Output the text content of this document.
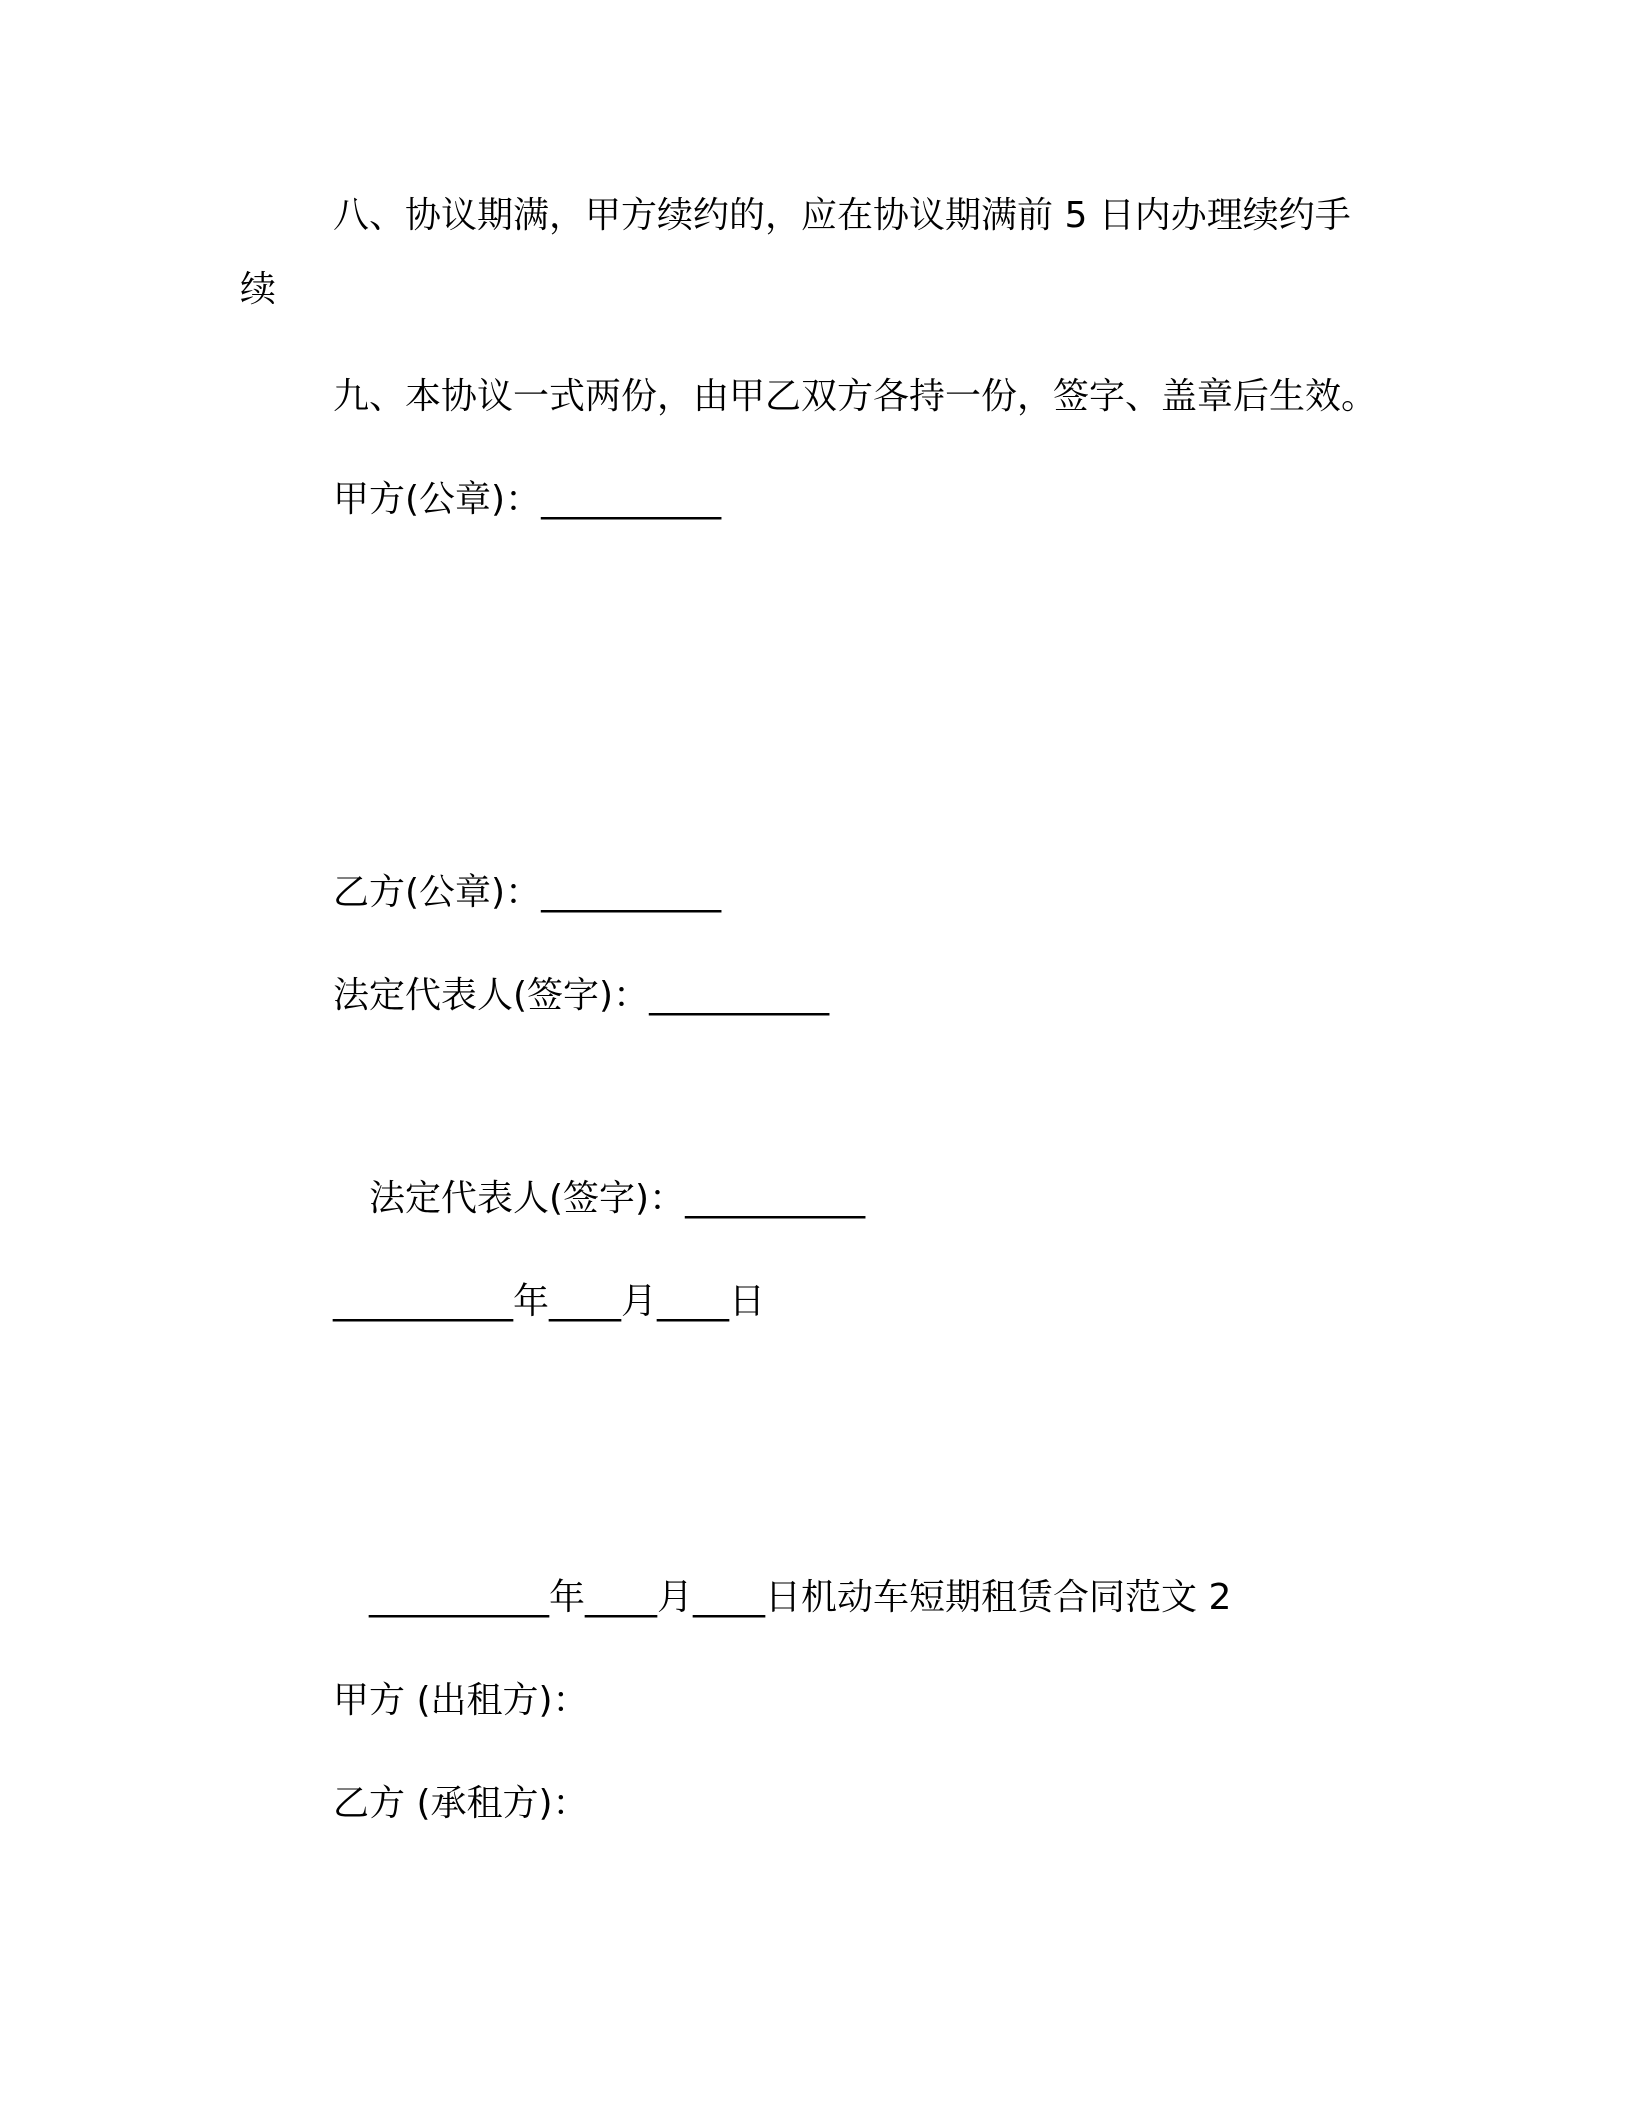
八、协议期满，甲方续约的，应在协议期满前 5 日内办理续约手

续

九、本协议一式两份，由甲乙双方各持一份，签字、盖章后生效。

甲方(公章)：__________

乙方(公章)：__________

法定代表人(签字)：__________

法定代表人(签字)：__________

__________年____月____日

__________年____月____日机动车短期租赁合同范文 2

甲方 (出租方)：

乙方 (承租方)：
